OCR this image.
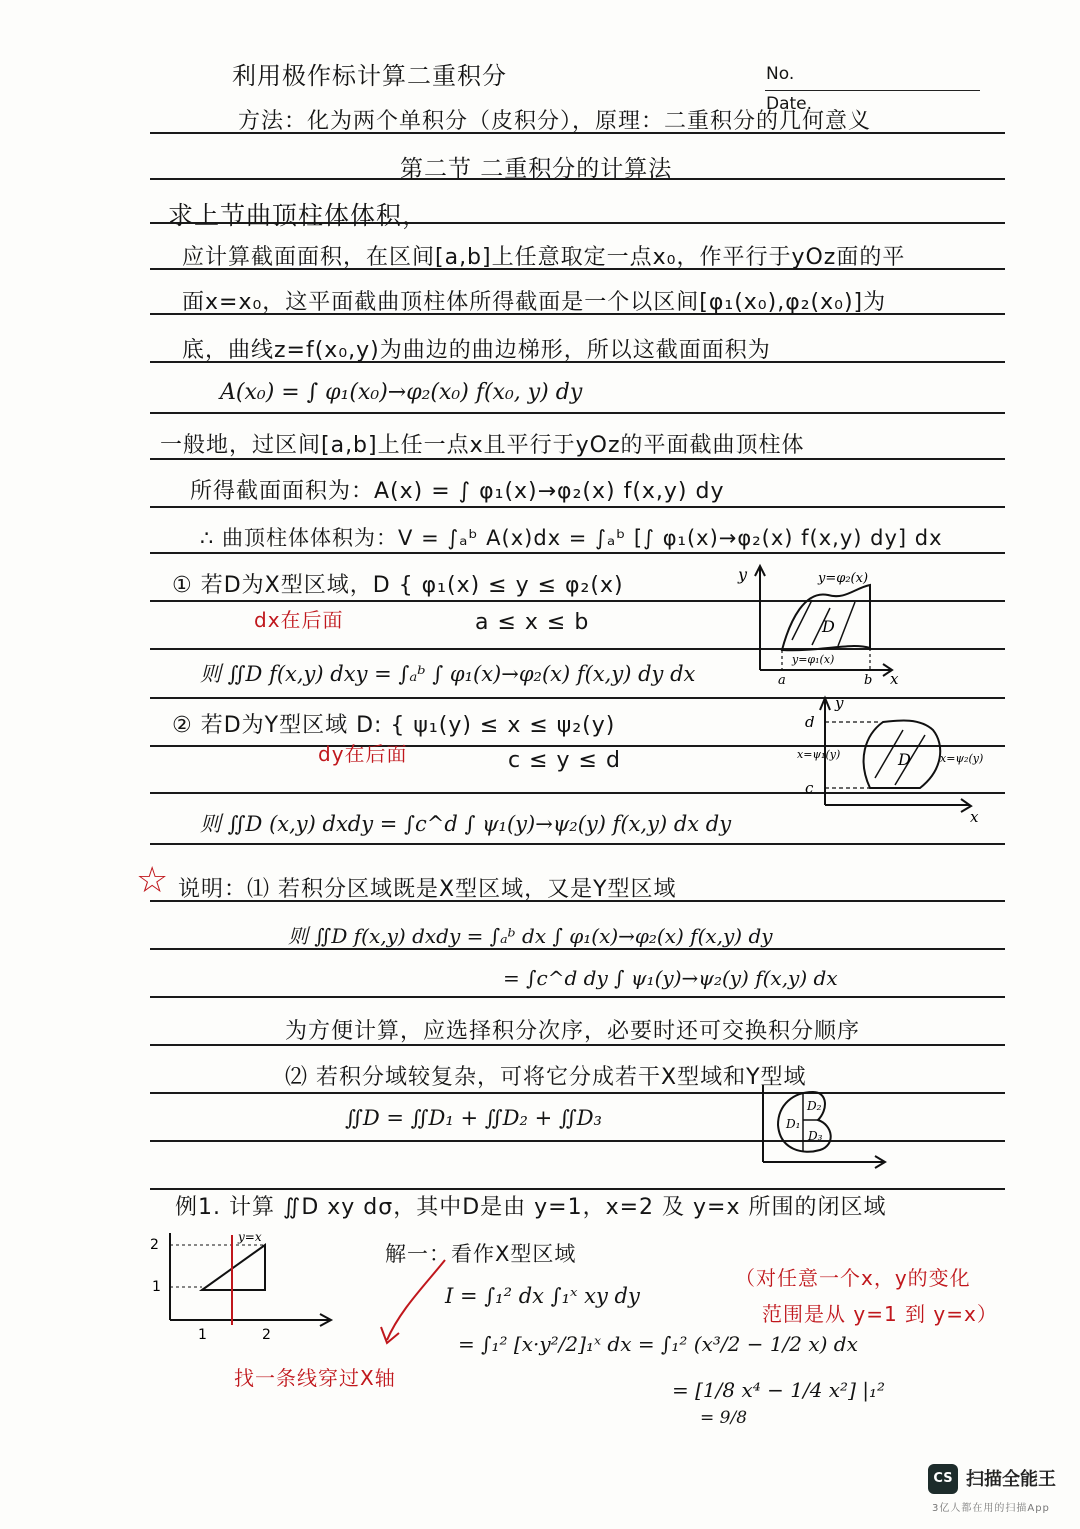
利用极作标计算二重积分	No.
Date.
方法：化为两个单积分（皮积分），原理：二重积分的几何意义
第二节 二重积分的计算法
求上节曲顶柱体体积，
应计算截面面积，在区间[a,b]上任意取定一点x₀，作平行于yOz面的平
面x=x₀，这平面截曲顶柱体所得截面是一个以区间[φ₁(x₀),φ₂(x₀)]为
底，曲线z=f(x₀,y)为曲边的曲边梯形，所以这截面面积为
A(x₀) = ∫ φ₁(x₀)→φ₂(x₀) f(x₀, y) dy
一般地，过区间[a,b]上任一点x且平行于yOz的平面截曲顶柱体
所得截面面积为：A(x) = ∫ φ₁(x)→φ₂(x) f(x,y) dy
∴ 曲顶柱体体积为：V = ∫ₐᵇ A(x)dx = ∫ₐᵇ [∫ φ₁(x)→φ₂(x) f(x,y) dy] dx
① 若D为X型区域，D { φ₁(x) ≤ y ≤ φ₂(x)
a ≤ x ≤ b
dx在后面
则 ∬D f(x,y) dxy = ∫ₐᵇ ∫ φ₁(x)→φ₂(x) f(x,y) dy dx
② 若D为Y型区域 D: { ψ₁(y) ≤ x ≤ ψ₂(y)
c ≤ y ≤ d
dy在后面
则 ∬D (x,y) dxdy = ∫c^d ∫ ψ₁(y)→ψ₂(y) f(x,y) dx dy
☆ 说明：⑴ 若积分区域既是X型区域，又是Y型区域
则 ∬D f(x,y) dxdy = ∫ₐᵇ dx ∫ φ₁(x)→φ₂(x) f(x,y) dy
= ∫c^d dy ∫ ψ₁(y)→ψ₂(y) f(x,y) dx
为方便计算，应选择积分次序，必要时还可交换积分顺序
⑵ 若积分域较复杂，可将它分成若干X型域和Y型域
∬D = ∬D₁ + ∬D₂ + ∬D₃
例1. 计算 ∬D xy dσ，其中D是由 y=1，x=2 及 y=x 所围的闭区域
解一：看作X型区域
I = ∫₁² dx ∫₁ˣ xy dy
= ∫₁² [x·y²/2]₁ˣ dx = ∫₁² (x³/2 − 1/2 x) dx
= [1/8 x⁴ − 1/4 x²] |₁²
= 9/8
（对任意一个x，y的变化
范围是从 y=1 到 y=x）
找一条线穿过X轴
y
x
y=φ₂(x)
y=φ₁(x)
D
a	b
y
x
d
c
x=ψ₁(y)	x=ψ₂(y)
D
D₁
D₂
D₃
2
1
1	2
y=x
CS 扫描全能王
3亿人都在用的扫描App
